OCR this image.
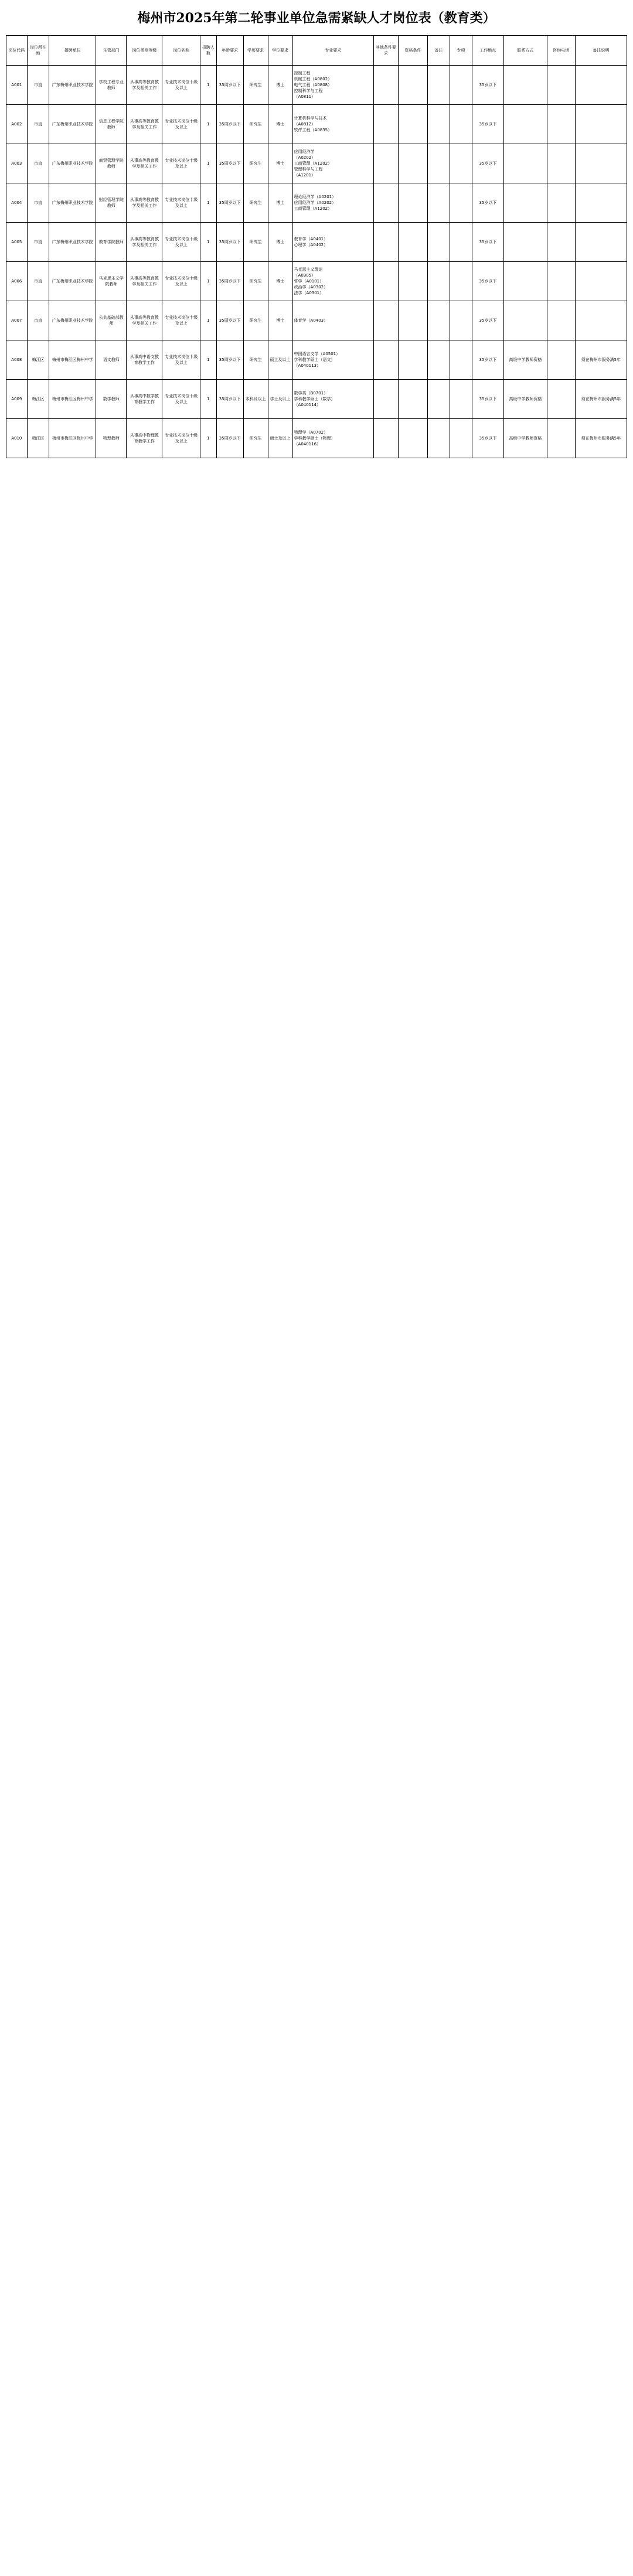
梅州市2025年第二轮事业单位急需紧缺人才岗位表（教育类）
岗位代码	岗位所在地	招聘单位	主管部门	岗位类别等级	岗位名称	招聘人数	年龄要求	学历要求	学位要求	专业要求	其他条件要求	资格条件	备注	专项	工作地点	联系方式	咨询电话	备注说明
A001	市直	广东梅州职业技术学院	学校工程专业教师	从事高等教育教学及相关工作	专业技术岗位十级及以上	1	35周岁以下	研究生	博士	控制工程
机械工程（A0802）
电气工程（A0808）
控制科学与工程
（A0811）					35岁以下			
A002	市直	广东梅州职业技术学院	信息工程学院教师	从事高等教育教学及相关工作	专业技术岗位十级及以上	1	35周岁以下	研究生	博士	计算机科学与技术
（A0812）
软件工程（A0835）					35岁以下			
A003	市直	广东梅州职业技术学院	商贸管理学院教师	从事高等教育教学及相关工作	专业技术岗位十级及以上	1	35周岁以下	研究生	博士	应用经济学
（A0202）
工商管理（A1202）
管理科学与工程
（A1201）					35岁以下			
A004	市直	广东梅州职业技术学院	财经管理学院教师	从事高等教育教学及相关工作	专业技术岗位十级及以上	1	35周岁以下	研究生	博士	理论经济学（A0201）
应用经济学（A0202）
工商管理（A1202）					35岁以下			
A005	市直	广东梅州职业技术学院	教育学院教师	从事高等教育教学及相关工作	专业技术岗位十级及以上	1	35周岁以下	研究生	博士	教育学（A0401）
心理学（A0402）					35岁以下			
A006	市直	广东梅州职业技术学院	马克思主义学院教师	从事高等教育教学及相关工作	专业技术岗位十级及以上	1	35周岁以下	研究生	博士	马克思主义理论
（A0305）
哲学（A0101）
政治学（A0302）
法学（A0301）					35岁以下			
A007	市直	广东梅州职业技术学院	公共基础部教师	从事高等教育教学及相关工作	专业技术岗位十级及以上	1	35周岁以下	研究生	博士	体育学（A0403）					35岁以下			
A008	梅江区	梅州市梅江区梅州中学	语文教师	从事高中语文教育教学工作	专业技术岗位十级及以上	1	35周岁以下	研究生	硕士及以上	中国语言文学（A0501）
学科教学硕士（语文）
（A040113）					35岁以下	高级中学教师资格		须在梅州市服务满5年
A009	梅江区	梅州市梅江区梅州中学	数学教师	从事高中数学教育教学工作	专业技术岗位十级及以上	1	35周岁以下	本科及以上	学士及以上	数学类（B0701）
学科教学硕士（数学）
（A040114）					35岁以下	高级中学教师资格		须在梅州市服务满5年
A010	梅江区	梅州市梅江区梅州中学	物理教师	从事高中物理教育教学工作	专业技术岗位十级及以上	1	35周岁以下	研究生	硕士及以上	物理学（A0702）
学科教学硕士（物理）
（A040116）					35岁以下	高级中学教师资格		须在梅州市服务满5年
